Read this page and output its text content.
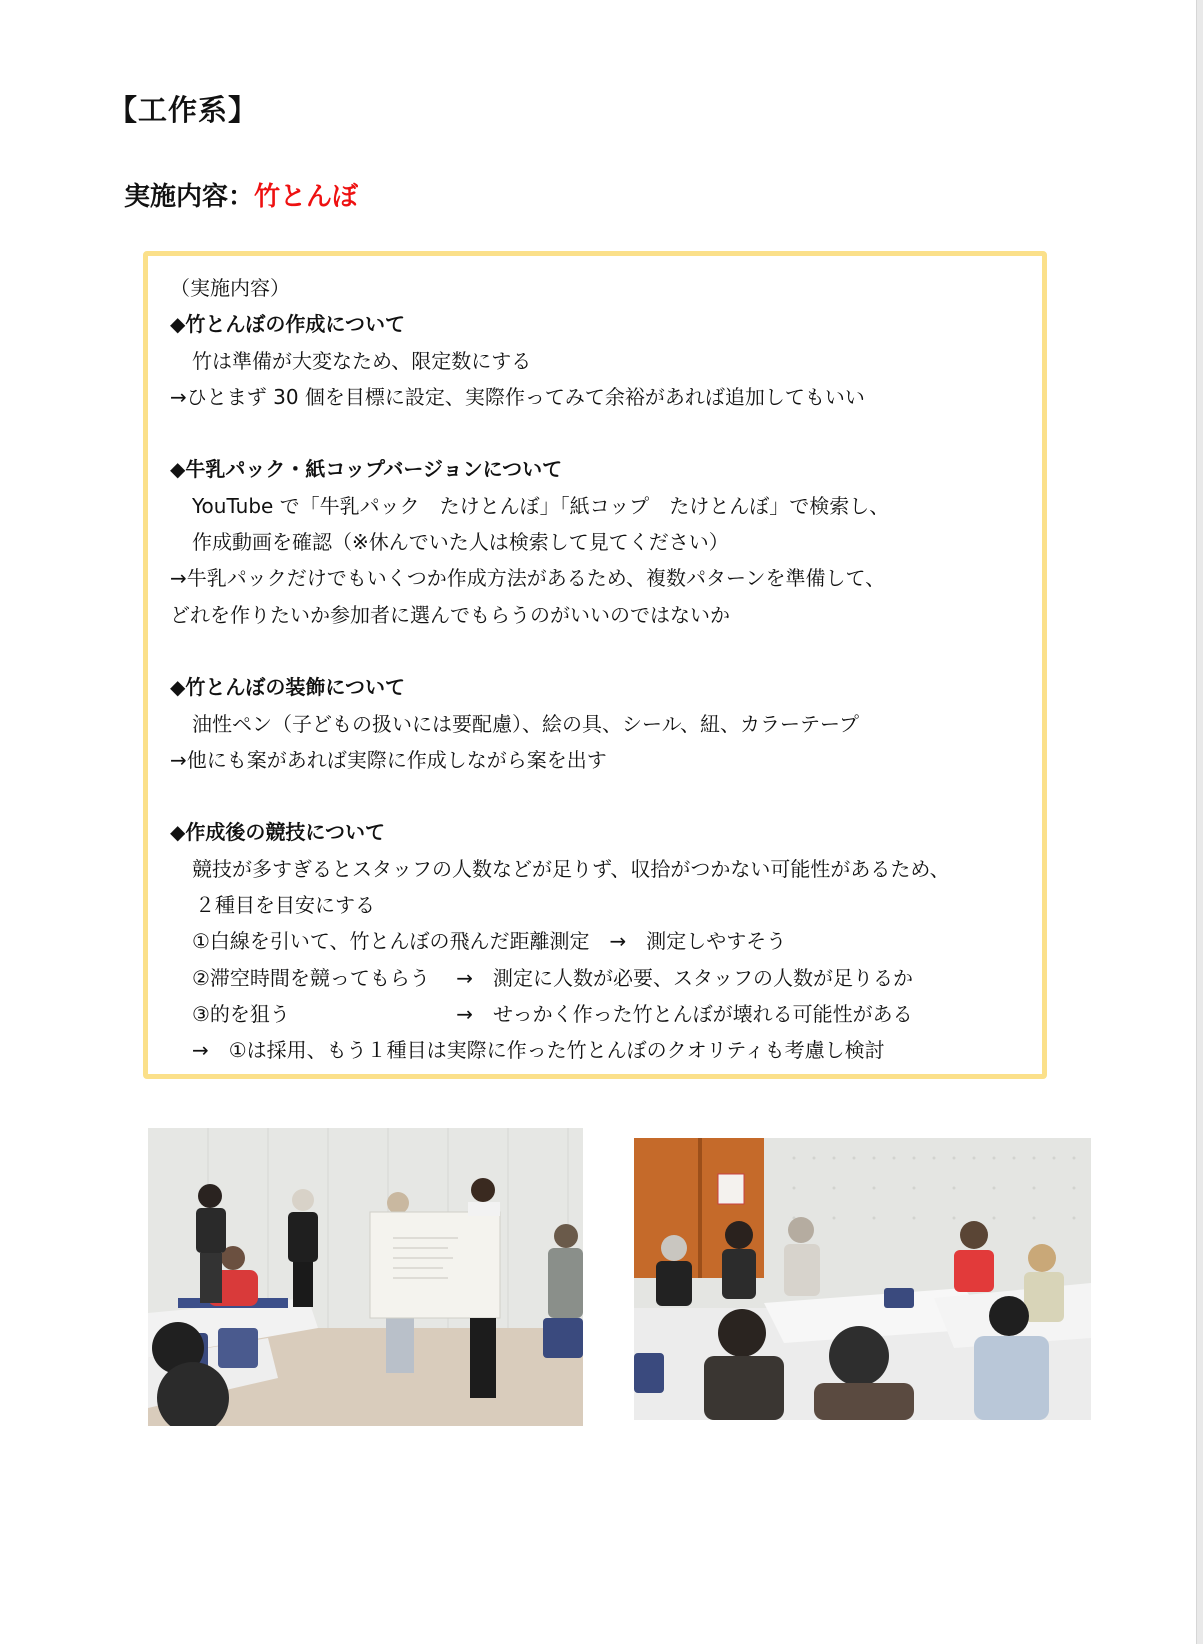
【工作系】
実施内容：竹とんぼ
（実施内容）
◆竹とんぼの作成について
竹は準備が大変なため、限定数にする
→ひとまず 30 個を目標に設定、実際作ってみて余裕があれば追加してもいい
◆牛乳パック・紙コップバージョンについて
YouTube で「牛乳パック　たけとんぼ」「紙コップ　たけとんぼ」で検索し、
作成動画を確認（※休んでいた人は検索して見てください）
→牛乳パックだけでもいくつか作成方法があるため、複数パターンを準備して、
どれを作りたいか参加者に選んでもらうのがいいのではないか
◆竹とんぼの装飾について
油性ペン（子どもの扱いには要配慮）、絵の具、シール、紐、カラーテープ
→他にも案があれば実際に作成しながら案を出す
◆作成後の競技について
競技が多すぎるとスタッフの人数などが足りず、収拾がつかない可能性があるため、
２種目を目安にする
①白線を引いて、竹とんぼの飛んだ距離測定　→　測定しやすそう
②滞空時間を競ってもらう　 →　測定に人数が必要、スタッフの人数が足りるか
③的を狙う　　　　　　　　 →　せっかく作った竹とんぼが壊れる可能性がある
→　①は採用、もう１種目は実際に作った竹とんぼのクオリティも考慮し検討
